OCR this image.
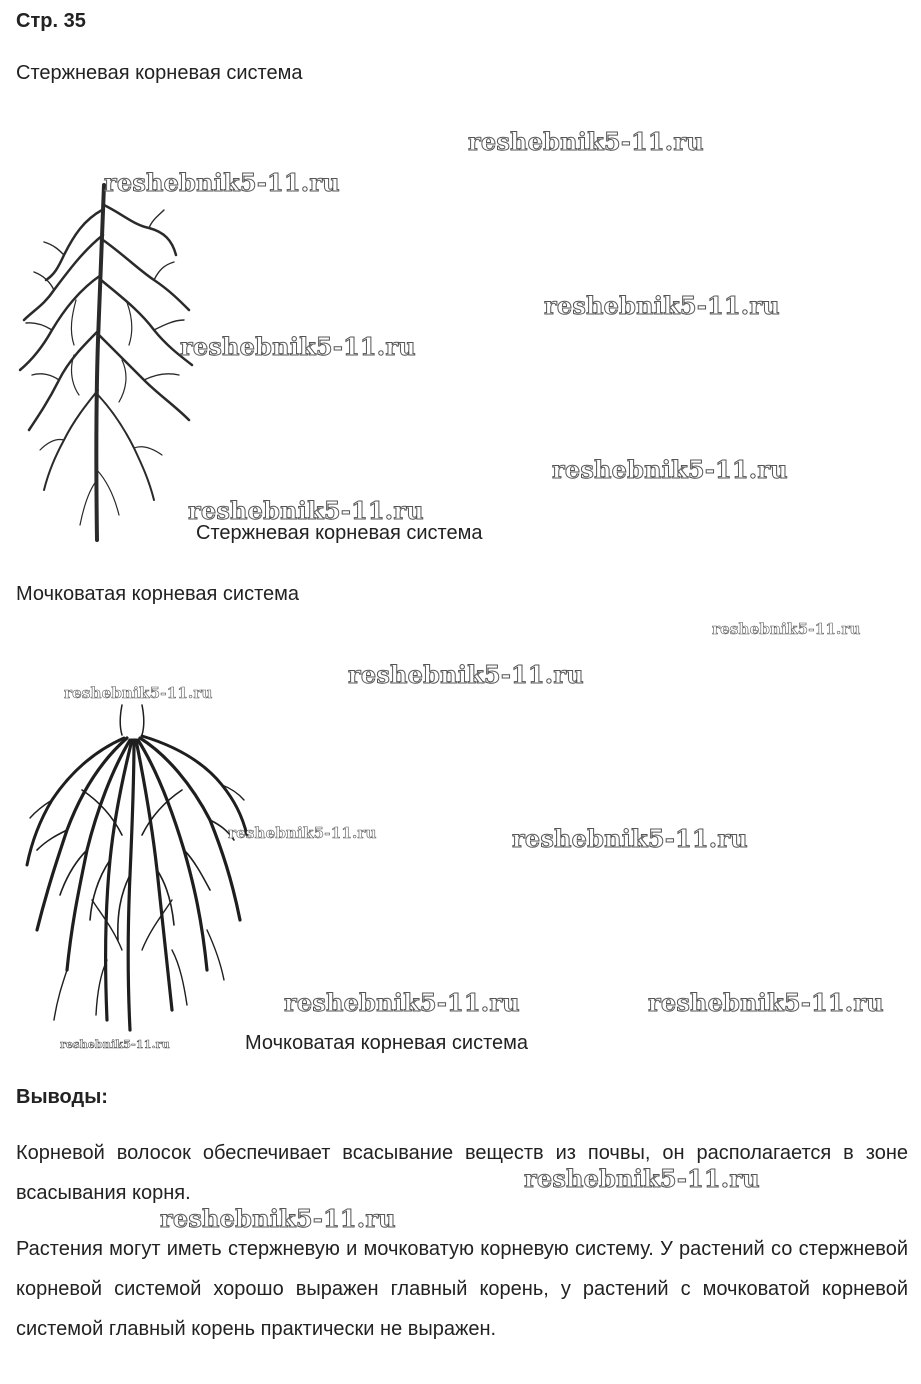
Стр. 35
Стержневая корневая система
Стержневая корневая система
Мочковатая корневая система
Мочковатая корневая система
Выводы:
Корневой волосок обеспечивает всасывание веществ из почвы, он располагается в зоне всасывания корня.
Растения могут иметь стержневую и мочковатую корневую систему. У растений со стержневой корневой системой хорошо выражен главный корень, у растений с мочковатой корневой системой главный корень практически не выражен.
reshebnik5-11.ru
reshebnik5-11.ru
reshebnik5-11.ru
reshebnik5-11.ru
reshebnik5-11.ru
reshebnik5-11.ru
reshebnik5-11.ru
reshebnik5-11.ru
reshebnik5-11.ru
reshebnik5-11.ru
reshebnik5-11.ru
reshebnik5-11.ru	reshebnik5-11.ru
reshebnik5-11.ru
reshebnik5-11.ru
reshebnik5-11.ru
